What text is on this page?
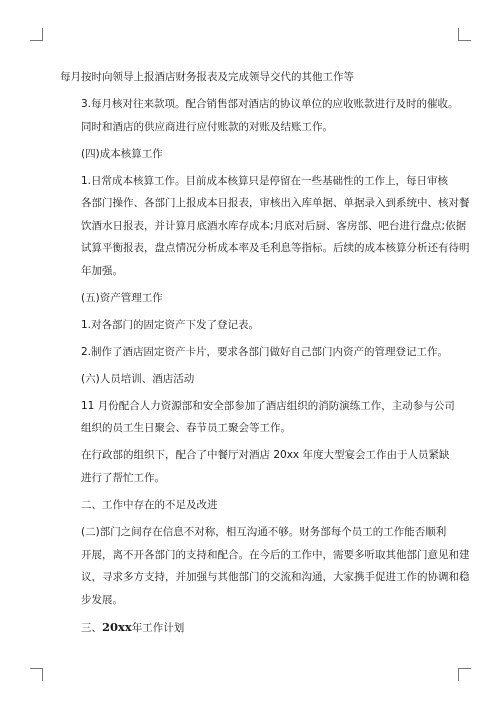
每月按时向领导上报酒店财务报表及完成领导交代的其他工作等

3.每月核对往来款项。配合销售部对酒店的协议单位的应收账款进行及时的催收。
同时和酒店的供应商进行应付账款的对账及结账工作。

(四)成本核算工作

1.日常成本核算工作。目前成本核算只是停留在一些基础性的工作上，每日审核
各部门操作、各部门上报成本日报表，审核出入库单据、单据录入到系统中、核对餐
饮酒水日报表，并计算月底酒水库存成本;月底对后厨、客房部、吧台进行盘点;依据
试算平衡报表，盘点情况分析成本率及毛利息等指标。后续的成本核算分析还有待明
年加强。

(五)资产管理工作

1.对各部门的固定资产下发了登记表。

2.制作了酒店固定资产卡片，要求各部门做好自己部门内资产的管理登记工作。

(六)人员培训、酒店活动

11 月份配合人力资源部和安全部参加了酒店组织的消防演练工作，主动参与公司
组织的员工生日聚会、春节员工聚会等工作。

在行政部的组织下，配合了中餐厅对酒店 20xx 年度大型宴会工作由于人员紧缺
进行了帮忙工作。

二、工作中存在的不足及改进

(二)部门之间存在信息不对称，相互沟通不够。财务部每个员工的工作能否顺利
开展，离不开各部门的支持和配合。在今后的工作中，需要多听取其他部门意见和建
议，寻求多方支持，并加强与其他部门的交流和沟通，大家携手促进工作的协调和稳
步发展。

三、20xx年工作计划
